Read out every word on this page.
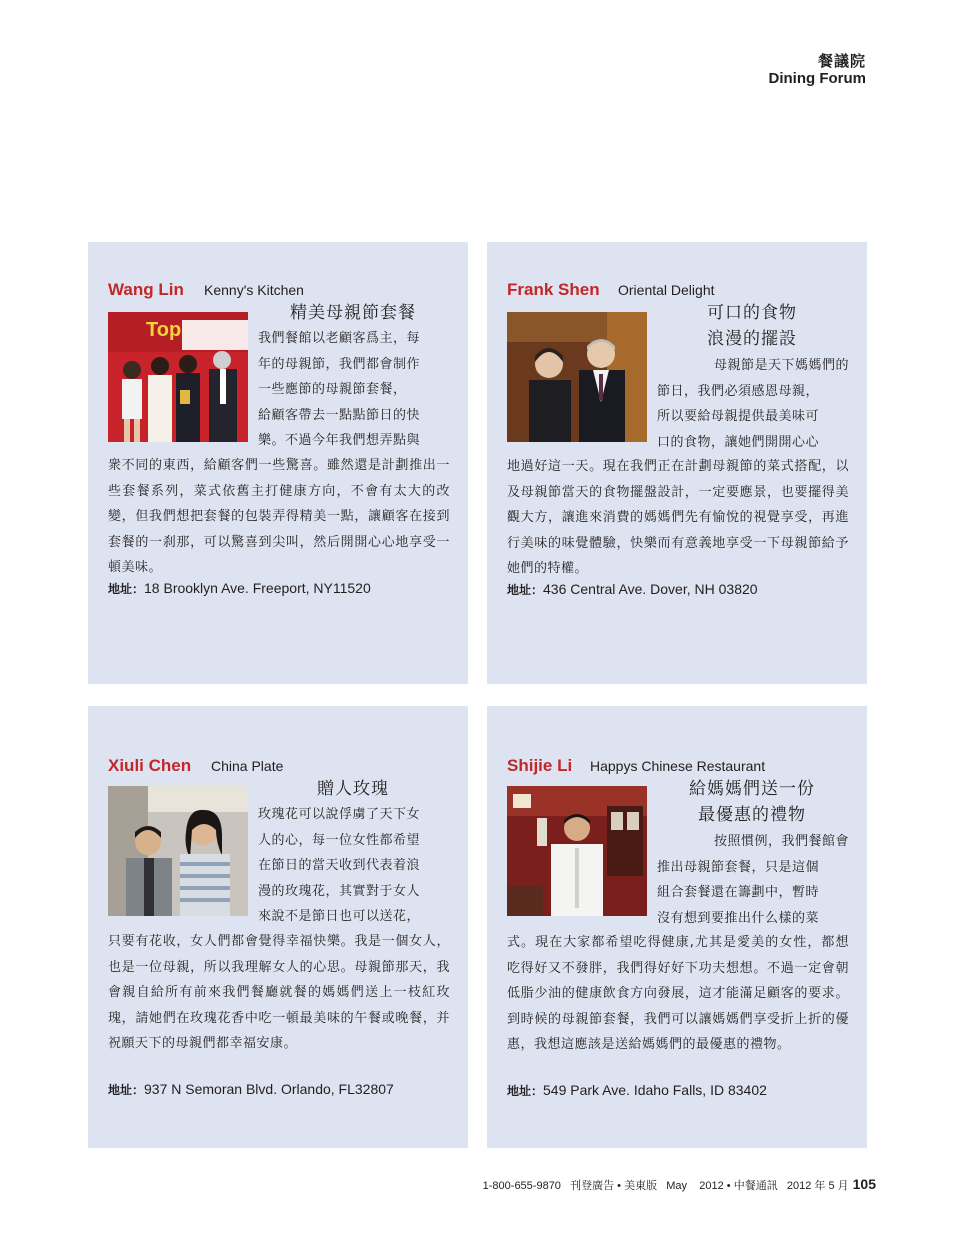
餐議院
Dining Forum
Wang Lin Kenny's Kitchen
Top
精美母親節套餐
我們餐館以老顧客爲主，每
年的母親節，我們都會制作
一些應節的母親節套餐，
給顧客帶去一點點節日的快
樂。不過今年我們想弄點與
衆不同的東西，給顧客們一些驚喜。雖然還是計劃推出一些套餐系列，菜式依舊主打健康方向，不會有太大的改變，但我們想把套餐的包裝弄得精美一點，讓顧客在接到套餐的一刹那，可以驚喜到尖叫，然后開開心心地享受一頓美味。
地址：18 Brooklyn Ave. Freeport, NY11520
Frank Shen Oriental Delight
可口的食物
浪漫的擺設
母親節是天下媽媽們的
節日，我們必須感恩母親，
所以要給母親提供最美味可
口的食物，讓她們開開心心
地過好這一天。現在我們正在計劃母親節的菜式搭配，以及母親節當天的食物擺盤設計，一定要應景，也要擺得美觀大方，讓進來消費的媽媽們先有愉悅的視覺享受，再進行美味的味覺體驗，快樂而有意義地享受一下母親節給予她們的特權。
地址：436 Central Ave. Dover, NH 03820
Xiuli Chen China Plate
贈人玫瑰
玫瑰花可以說俘虜了天下女
人的心，每一位女性都希望
在節日的當天收到代表着浪
漫的玫瑰花，其實對于女人
來說不是節日也可以送花，
只要有花收，女人們都會覺得幸福快樂。我是一個女人，也是一位母親，所以我理解女人的心思。母親節那天，我會親自給所有前來我們餐廳就餐的媽媽們送上一枝紅玫瑰，請她們在玫瑰花香中吃一頓最美味的午餐或晚餐，并祝願天下的母親們都幸福安康。
地址：937 N Semoran Blvd. Orlando, FL32807
Shijie Li Happys Chinese Restaurant
給媽媽們送一份
最優惠的禮物
按照慣例，我們餐館會
推出母親節套餐，只是這個
組合套餐還在籌劃中，暫時
沒有想到要推出什么樣的菜
式。現在大家都希望吃得健康,尤其是愛美的女性，都想吃得好又不發胖，我們得好好下功夫想想。不過一定會朝低脂少油的健康飲食方向發展，這才能滿足顧客的要求。到時候的母親節套餐，我們可以讓媽媽們享受折上折的優惠，我想這應該是送給媽媽們的最優惠的禮物。
地址：549 Park Ave. Idaho Falls, ID 83402
1-800-655-9870 刊登廣告 • 美東版 May 2012 • 中餐通訊 2012 年 5 月 105
